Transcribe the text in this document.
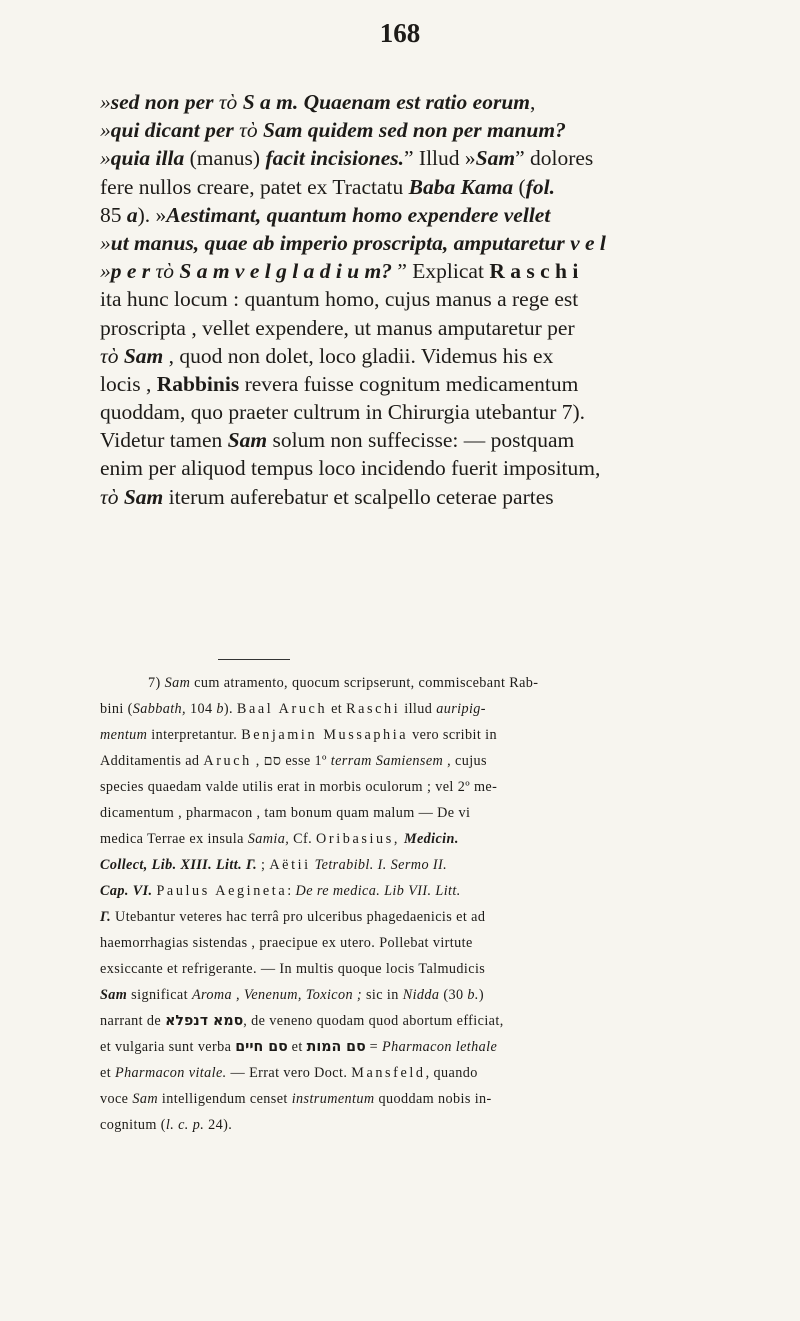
168
»sed non per τὸ S a m. Quaenam est ratio eorum,
»qui dicant per τὸ Sam quidem sed non per manum?
»quia illa (manus) facit incisiones.” Illud »Sam” dolores
fere nullos creare, patet ex Tractatu Baba Kama (fol.
85 a). »Aestimant, quantum homo expendere vellet
»ut manus, quae ab imperio proscripta, amputaretur v e l
»p e r τὸ S a m v e l g l a d i u m? ” Explicat R a s c h i
ita hunc locum : quantum homo, cujus manus a rege est
proscripta , vellet expendere, ut manus amputaretur per
τὸ Sam , quod non dolet, loco gladii. Videmus his ex
locis , Rabbinis revera fuisse cognitum medicamentum
quoddam, quo praeter cultrum in Chirurgia utebantur 7).
Videtur tamen Sam solum non suffecisse: — postquam
enim per aliquod tempus loco incidendo fuerit impositum,
τὸ Sam iterum auferebatur et scalpello ceterae partes
7) Sam cum atramento, quocum scripserunt, commiscebant Rab-
bini (Sabbath, 104 b). Baal Aruch et Raschi illud auripig-
mentum interpretantur. Benjamin Mussaphia vero scribit in
Additamentis ad Aruch , סם esse 1º terram Samiensem , cujus
species quaedam valde utilis erat in morbis oculorum ; vel 2º me-
dicamentum , pharmacon , tam bonum quam malum — De vi
medica Terrae ex insula Samia, Cf. Oribasius, Medicin.
Collect, Lib. XIII. Litt. Γ. ; Aëtii Tetrabibl. I. Sermo II.
Cap. VI. Paulus Aegineta: De re medica. Lib VII. Litt.
Γ. Utebantur veteres hac terrâ pro ulceribus phagedaenicis et ad
haemorrhagias sistendas , praecipue ex utero. Pollebat virtute
exsiccante et refrigerante. — In multis quoque locis Talmudicis
Sam significat Aroma , Venenum, Toxicon ; sic in Nidda (30 b.)
narrant de סמא דנפלא, de veneno quodam quod abortum efficiat,
et vulgaria sunt verba סם חיים et סם המות = Pharmacon lethale
et Pharmacon vitale. — Errat vero Doct. Mansfeld, quando
voce Sam intelligendum censet instrumentum quoddam nobis in-
cognitum (l. c. p. 24).
